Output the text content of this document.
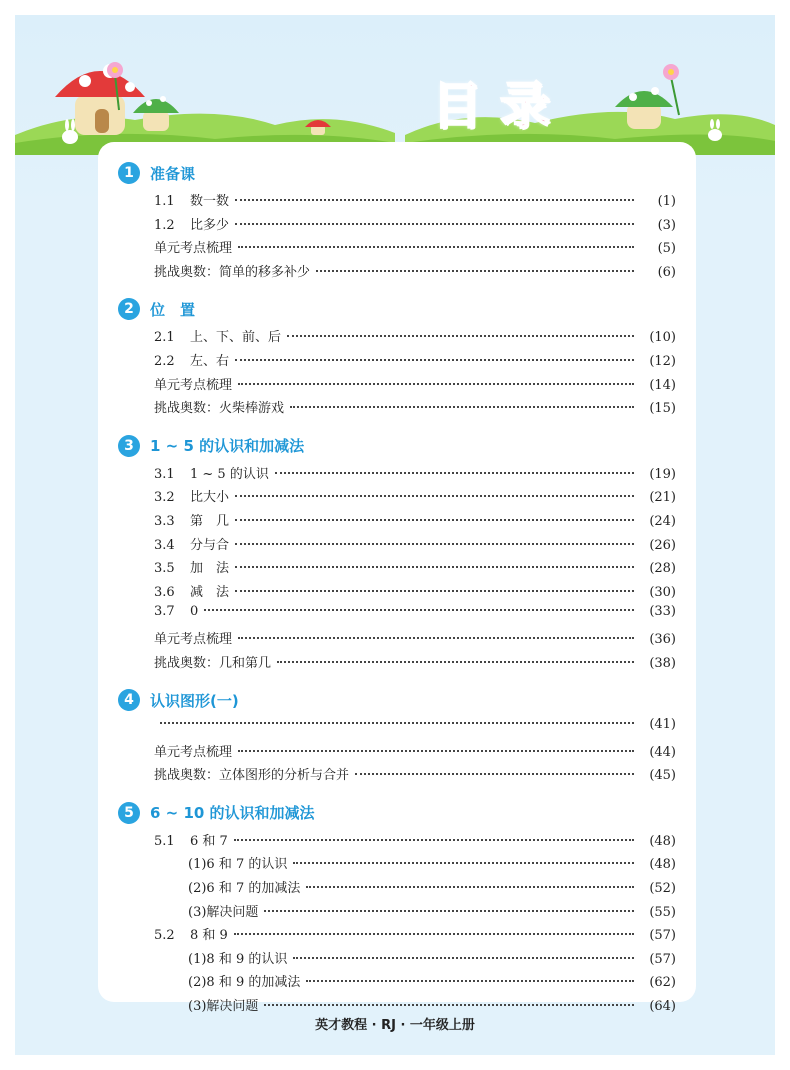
目录
1	准备课
1.1	数一数	(1)
1.2	比多少	(3)
单元考点梳理	(5)
挑战奥数：简单的移多补少	(6)
2	位　置
2.1	上、下、前、后	(10)
2.2	左、右	(12)
单元考点梳理	(14)
挑战奥数：火柴棒游戏	(15)
3	1 ~ 5 的认识和加减法
3.1	1 ~ 5 的认识	(19)
3.2	比大小	(21)
3.3	第　几	(24)
3.4	分与合	(26)
3.5	加　法	(28)
3.6	减　法	(30)
3.7	0	(33)
单元考点梳理	(36)
挑战奥数：几和第几	(38)
4	认识图形(一)
(41)
单元考点梳理	(44)
挑战奥数：立体图形的分析与合并	(45)
5	6 ~ 10 的认识和加减法
5.1	6 和 7	(48)
(1)6 和 7 的认识	(48)
(2)6 和 7 的加减法	(52)
(3)解决问题	(55)
5.2	8 和 9	(57)
(1)8 和 9 的认识	(57)
(2)8 和 9 的加减法	(62)
(3)解决问题	(64)
英才教程 · RJ · 一年级上册
